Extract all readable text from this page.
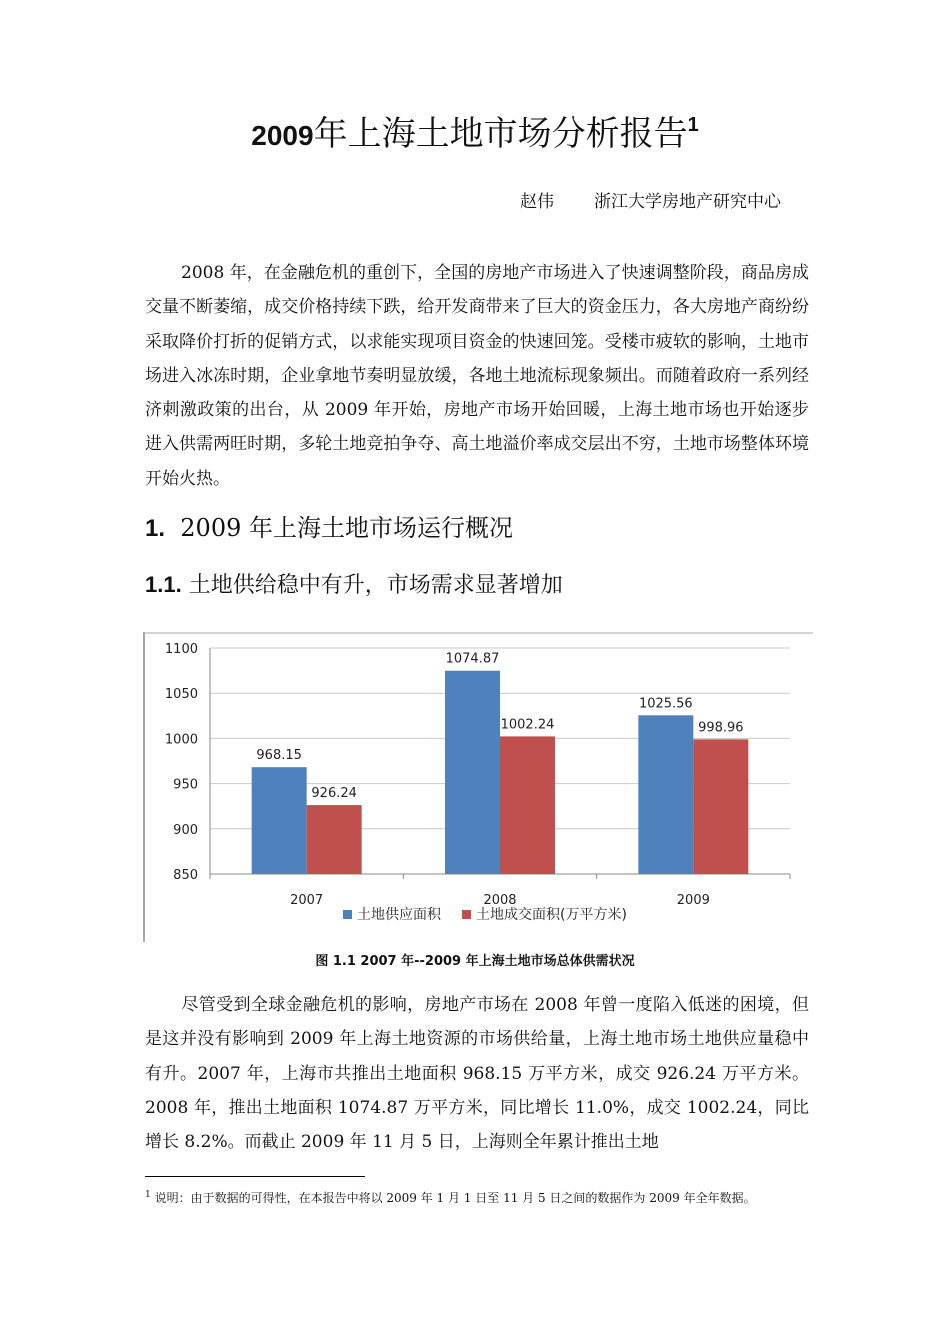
2009年上海土地市场分析报告$^1$
赵伟 浙江大学房地产研究中心

2008 年，在金融危机的重创下，全国的房地产市场进入了快速调整阶段，商品房成交量不断萎缩，成交价格持续下跌，给开发商带来了巨大的资金压力，各大房地产商纷纷采取降价打折的促销方式，以求能实现项目资金的快速回笼。受楼市疲软的影响，土地市场进入冰冻时期，企业拿地节奏明显放缓，各地土地流标现象频出。而随着政府一系列经济刺激政策的出台，从 2009 年开始，房地产市场开始回暖，上海土地市场也开始逐步进入供需两旺时期，多轮土地竞拍争夺、高土地溢价率成交层出不穷，土地市场整体环境开始火热。

1. 2009 年上海土地市场运行概况
1.1. 土地供给稳中有升，市场需求显著增加
1100
1050
1000
950
900
850
2007
968.15
926.24
2008
1074.87
1002.24
2009
1025.56
998.96
土地供应面积	土地成交面积(万平方米)
图 1.1 2007 年--2009 年上海土地市场总体供需状况

尽管受到全球金融危机的影响，房地产市场在 2008 年曾一度陷入低迷的困境，但是这并没有影响到 2009 年上海土地资源的市场供给量，上海土地市场土地供应量稳中有升。2007 年，上海市共推出土地面积 968.15 万平方米，成交 926.24 万平方米。2008 年，推出土地面积 1074.87 万平方米，同比增长 11.0%，成交 1002.24，同比增长 8.2%。而截止 2009 年 11 月 5 日，上海则全年累计推出土地

$^1$ 说明：由于数据的可得性，在本报告中将以 2009 年 1 月 1 日至 11 月 5 日之间的数据作为 2009 年全年数据。
